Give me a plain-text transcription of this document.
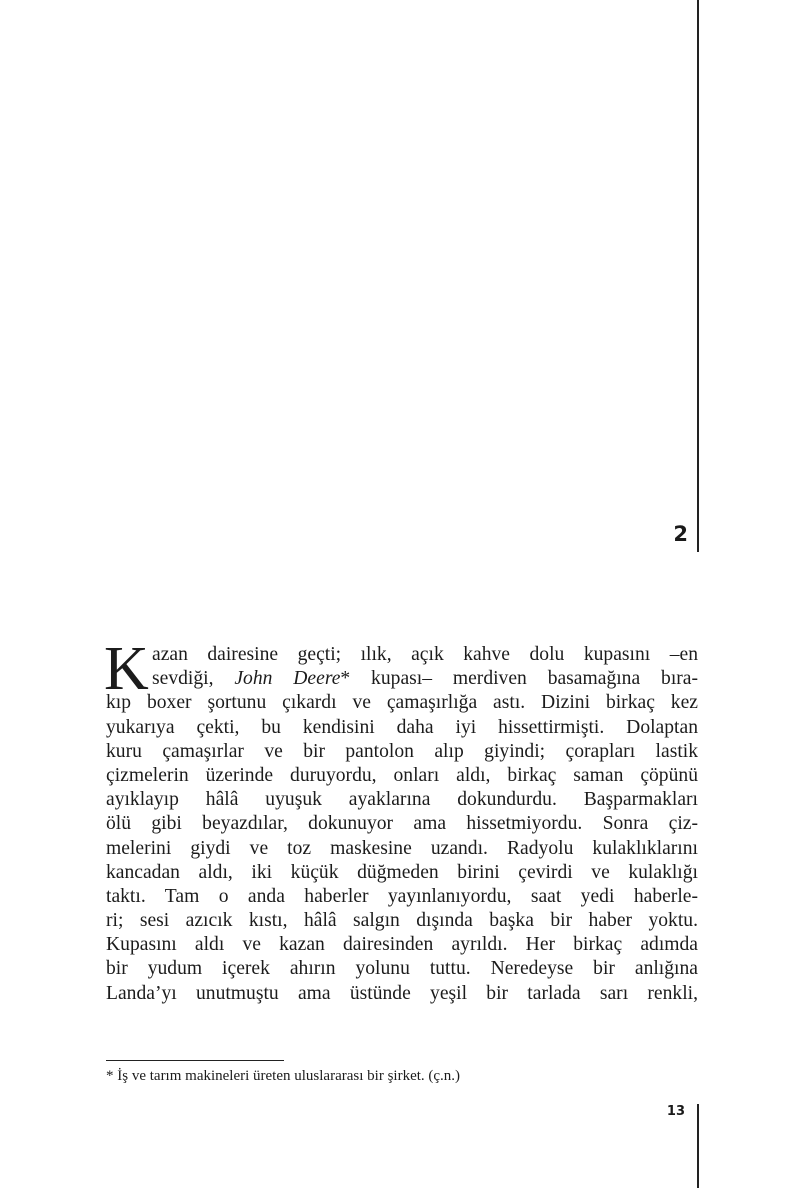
2
K azan dairesine geçti; ılık, açık kahve dolu kupasını –en
sevdiği, John Deere* kupası– merdiven basamağına bıra-
kıp boxer şortunu çıkardı ve çamaşırlığa astı. Dizini birkaç kez
yukarıya çekti, bu kendisini daha iyi hissettirmişti. Dolaptan
kuru çamaşırlar ve bir pantolon alıp giyindi; çorapları lastik
çizmelerin üzerinde duruyordu, onları aldı, birkaç saman çöpünü
ayıklayıp hâlâ uyuşuk ayaklarına dokundurdu. Başparmakları
ölü gibi beyazdılar, dokunuyor ama hissetmiyordu. Sonra çiz-
melerini giydi ve toz maskesine uzandı. Radyolu kulaklıklarını
kancadan aldı, iki küçük düğmeden birini çevirdi ve kulaklığı
taktı. Tam o anda haberler yayınlanıyordu, saat yedi haberle-
ri; sesi azıcık kıstı, hâlâ salgın dışında başka bir haber yoktu.
Kupasını aldı ve kazan dairesinden ayrıldı. Her birkaç adımda
bir yudum içerek ahırın yolunu tuttu. Neredeyse bir anlığına
Landa’yı unutmuştu ama üstünde yeşil bir tarlada sarı renkli,
* İş ve tarım makineleri üreten uluslararası bir şirket. (ç.n.)
13
